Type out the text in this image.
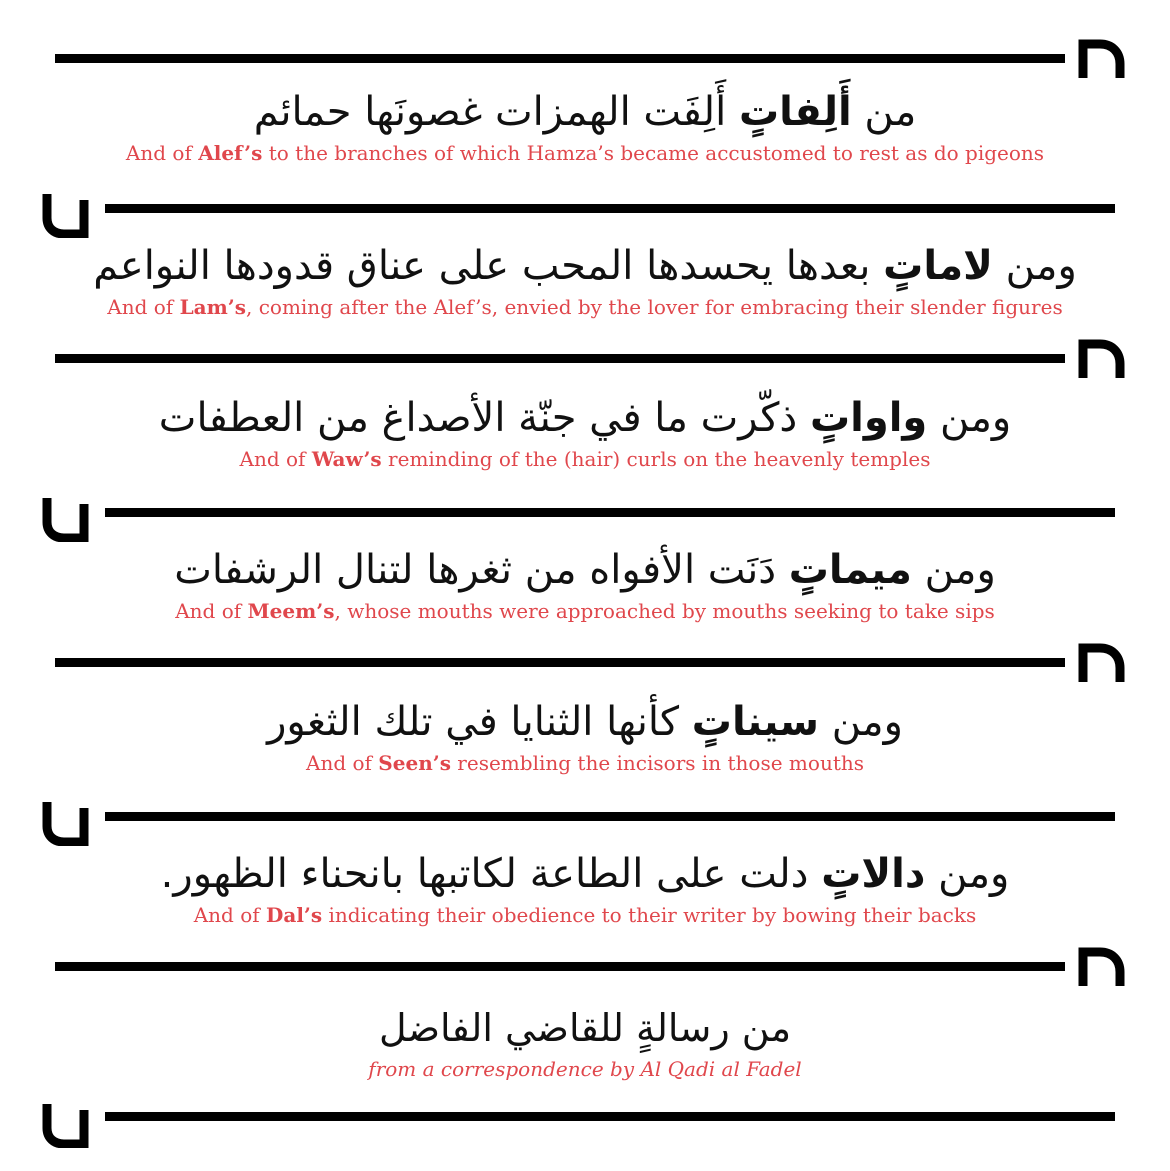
من أَلِفاتٍ أَلِفَت الهمزات غصونَها حمائم
And of Alef’s to the branches of which Hamza’s became accustomed to rest as do pigeons
ومن لاماتٍ بعدها يحسدها المحب على عناق قدودها النواعم
And of Lam’s, coming after the Alef’s, envied by the lover for embracing their slender figures
ومن واواتٍ ذكّرت ما في جنّة الأصداغ من العطفات
And of Waw’s reminding of the (hair) curls on the heavenly temples
ومن ميماتٍ دَنَت الأفواه من ثغرها لتنال الرشفات
And of Meem’s, whose mouths were approached by mouths seeking to take sips
ومن سيناتٍ كأنها الثنايا في تلك الثغور
And of Seen’s resembling the incisors in those mouths
ومن دالاتٍ دلت على الطاعة لكاتبها بانحناء الظهور.
And of Dal’s indicating their obedience to their writer by bowing their backs
من رسالةٍ للقاضي الفاضل
from a correspondence by Al Qadi al Fadel
